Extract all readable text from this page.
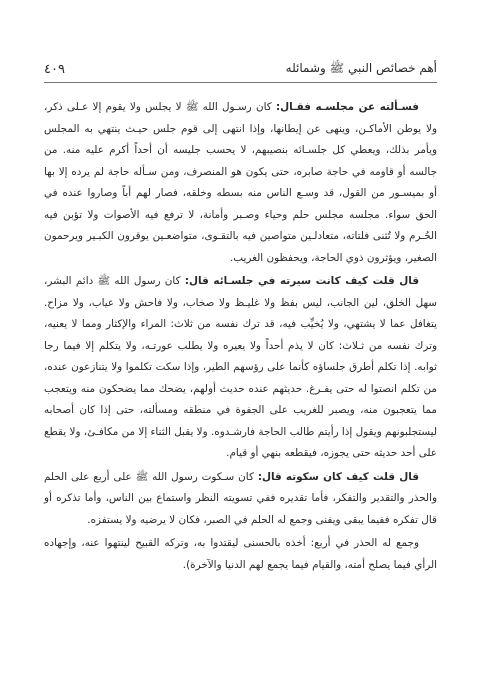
أهم خصائص النبي ﷺ وشمائله
٤٠٩

فسـألته عن مجلسـه فقـال: كان رسـول الله ﷺ لا يجلس ولا يقوم إلا عـلى ذكر، ولا يوطن الأماكـن، وينهى عن إيطانها، وإذا انتهى إلى قوم جلس حيـث ينتهي به المجلس ويأمر بذلك، ويعطي كل جلسـائه بنصيبهم، لا يحسب جليسه أن أحداً أكرم عليه منه. من جالسه أو قاومه في حاجة صابره، حتى يكون هو المنصرف، ومن سـأله حاجة لم يرده إلا بها أو بميسـور من القول، قد وسـع الناس منه بسطه وخلقه، فصار لهم أباً وصاروا عنده في الحق سواء. مجلسه مجلس حلم وحياء وصـبر وأمانة، لا ترفع فيه الأصوات ولا تؤبن فيه الحُـرم ولا تُثنى فلتاته، متعادلـين متواصين فيه بالتقـوى، متواضعـين يوقرون الكبـير ويرحمون الصغير، ويؤثرون ذوي الحاجة، ويحفظون الغريب.

قال قلت كيف كانت سيرته في جلسـائه قال: كان رسول الله ﷺ دائم البشر، سهل الخلق، لين الجانب، ليس بفظ ولا غليـظ ولا صخاب، ولا فاحش ولا عياب، ولا مزاح. يتغافل عما لا يشتهي، ولا يُخيِّب فيه، قد ترك نفسه من ثلاث: المراء والإكثار ومما لا يعنيه، وترك نفسه من ثـلاث: كان لا يذم أحداً ولا يعيره ولا يطلب عورتـه، ولا يتكلم إلا فيما رجا ثوابه. إذا تكلم أطرق جلساؤه كأنما على رؤسهم الطير، وإذا سكت تكلموا ولا يتنازعون عنده، من تكلم انصتوا له حتى يفـرغ. حديثهم عنده حديث أولهم، يضحك مما يضحكون منه ويتعجب مما يتعجبون منه، ويصبر للغريب على الجفوة في منطقه ومسألته، حتى إذا كان أصحابه ليستجلبونهم ويقول إذا رأيتم طالب الحاجة فارشـدوه. ولا يقبل الثناء إلا من مكافـئ، ولا يقطع على أحد حديثه حتى يجوزه، فيقطعه بنهي أو قيام.

قال قلت كيف كان سكوته قال: كان سـكوت رسول الله ﷺ على أربع على الحلم والحذر والتقدير والتفكر، فأما تقديره ففي تسويته النظر واستماع بين الناس، وأما تذكره أو قال تفكره ففيما يبقى ويفنى وجمع له الحلم في الصبر، فكان لا يرضيه ولا يستفزه.

وجمع له الحذر في أربع: أخذه بالحسنى ليقتدوا به، وتركه القبيح لينتهوا عنه، وإجهاده الرأي فيما يصلح أمته، والقيام فيما يجمع لهم الدنيا والآخرة).
